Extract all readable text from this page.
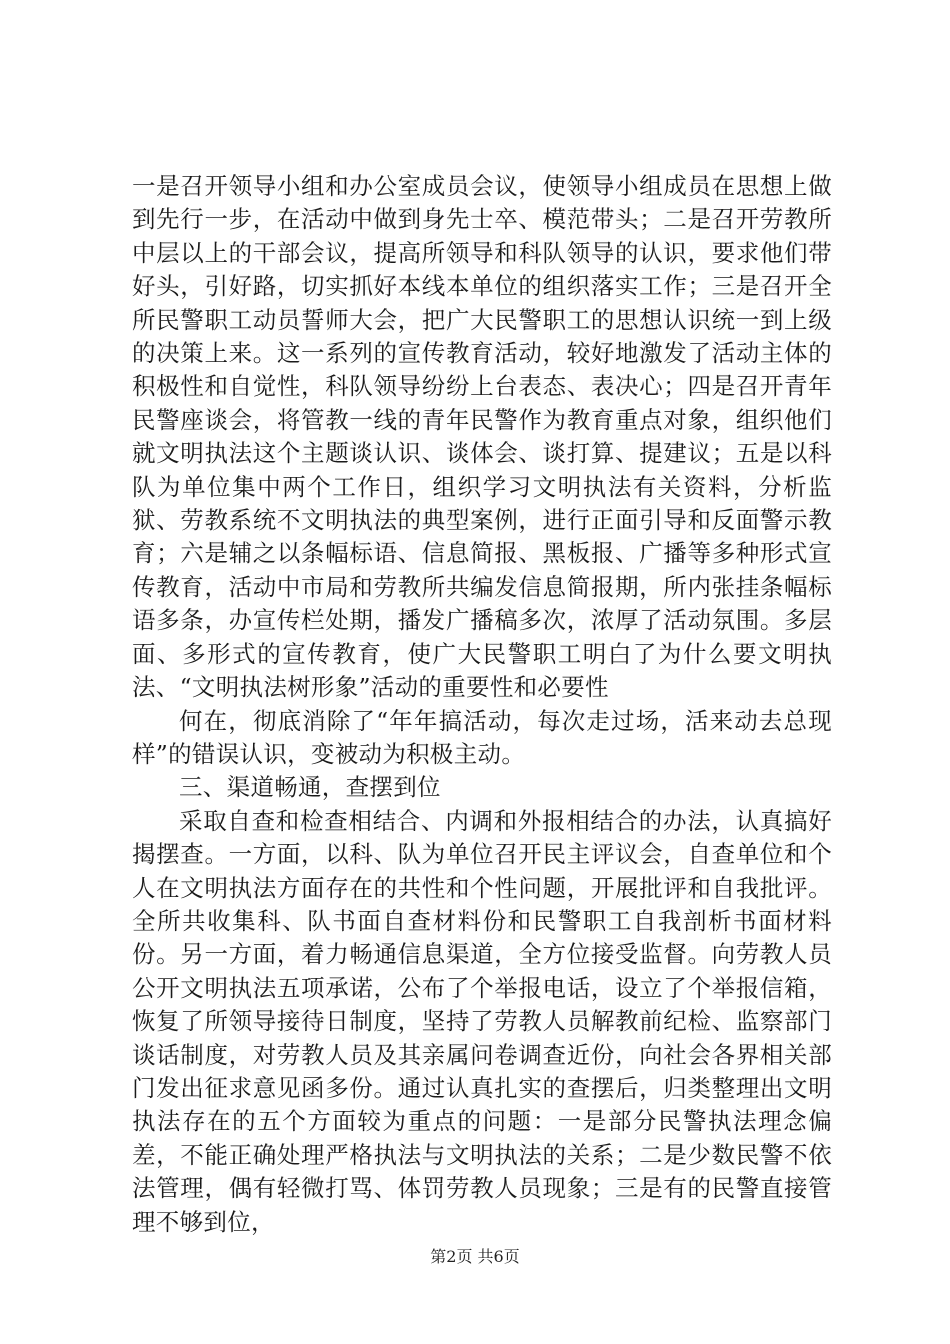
一是召开领导小组和办公室成员会议，使领导小组成员在思想上做到先行一步，在活动中做到身先士卒、模范带头；二是召开劳教所中层以上的干部会议，提高所领导和科队领导的认识，要求他们带好头，引好路，切实抓好本线本单位的组织落实工作；三是召开全所民警职工动员誓师大会，把广大民警职工的思想认识统一到上级的决策上来。这一系列的宣传教育活动，较好地激发了活动主体的积极性和自觉性，科队领导纷纷上台表态、表决心；四是召开青年民警座谈会，将管教一线的青年民警作为教育重点对象，组织他们就文明执法这个主题谈认识、谈体会、谈打算、提建议；五是以科队为单位集中两个工作日，组织学习文明执法有关资料，分析监狱、劳教系统不文明执法的典型案例，进行正面引导和反面警示教育；六是辅之以条幅标语、信息简报、黑板报、广播等多种形式宣传教育，活动中市局和劳教所共编发信息简报期，所内张挂条幅标语多条，办宣传栏处期，播发广播稿多次，浓厚了活动氛围。多层面、多形式的宣传教育，使广大民警职工明白了为什么要文明执法、“文明执法树形象”活动的重要性和必要性

何在，彻底消除了“年年搞活动，每次走过场，活来动去总现样”的错误认识，变被动为积极主动。

三、渠道畅通，查摆到位

采取自查和检查相结合、内调和外报相结合的办法，认真搞好揭摆查。一方面，以科、队为单位召开民主评议会，自查单位和个人在文明执法方面存在的共性和个性问题，开展批评和自我批评。全所共收集科、队书面自查材料份和民警职工自我剖析书面材料份。另一方面，着力畅通信息渠道，全方位接受监督。向劳教人员公开文明执法五项承诺，公布了个举报电话，设立了个举报信箱，恢复了所领导接待日制度，坚持了劳教人员解教前纪检、监察部门谈话制度，对劳教人员及其亲属问卷调查近份，向社会各界相关部门发出征求意见函多份。通过认真扎实的查摆后，归类整理出文明执法存在的五个方面较为重点的问题：一是部分民警执法理念偏差，不能正确处理严格执法与文明执法的关系；二是少数民警不依法管理，偶有轻微打骂、体罚劳教人员现象；三是有的民警直接管理不够到位，

第2页 共6页
